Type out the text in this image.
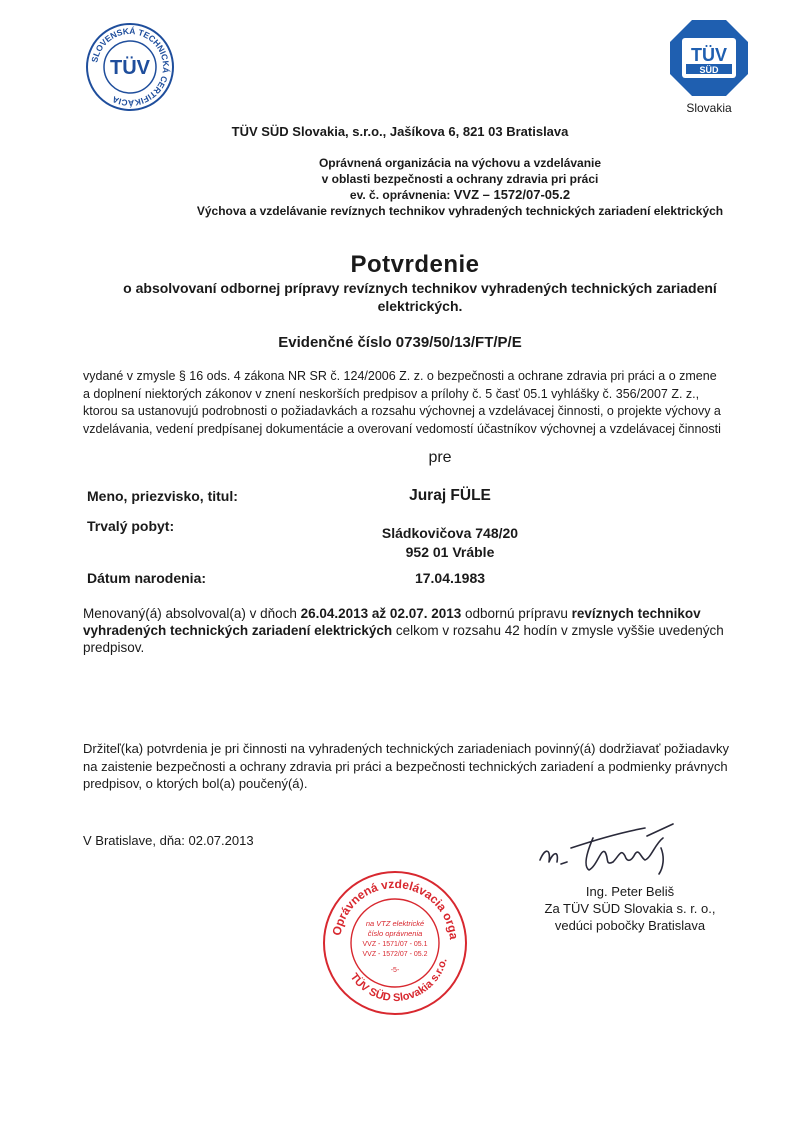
SLOVENSKÁ TECHNICKÁ CERTIFIKÁCIA
TÜV
TÜV
SÜD
Slovakia
TÜV SÜD Slovakia, s.r.o., Jašíkova 6, 821 03 Bratislava
Oprávnená organizácia na výchovu a vzdelávanie
v oblasti bezpečnosti a ochrany zdravia pri práci
ev. č. oprávnenia: VVZ – 1572/07-05.2
Výchova a vzdelávanie revíznych technikov vyhradených technických zariadení elektrických
Potvrdenie
o absolvovaní odbornej prípravy revíznych technikov vyhradených technických zariadení elektrických.
Evidenčné číslo 0739/50/13/FT/P/E
vydané v zmysle § 16 ods. 4 zákona NR SR č. 124/2006 Z. z. o bezpečnosti a ochrane zdravia pri práci a o zmene a doplnení niektorých zákonov v znení neskorších predpisov a prílohy č. 5 časť 05.1 vyhlášky č. 356/2007 Z. z., ktorou sa ustanovujú podrobnosti o požiadavkách a rozsahu výchovnej a vzdelávacej činnosti, o projekte výchovy a vzdelávania, vedení predpísanej dokumentácie a overovaní vedomostí účastníkov výchovnej a vzdelávacej činnosti
pre
Meno, priezvisko, titul:	Juraj FÜLE
Trvalý pobyt:	Sládkovičova 748/20
952 01 Vráble
Dátum narodenia:	17.04.1983
Menovaný(á) absolvoval(a) v dňoch 26.04.2013 až 02.07. 2013 odbornú prípravu revíznych technikov vyhradených technických zariadení elektrických celkom v rozsahu 42 hodín v zmysle vyššie uvedených predpisov.
Držiteľ(ka) potvrdenia je pri činnosti na vyhradených technických zariadeniach povinný(á) dodržiavať požiadavky na zaistenie bezpečnosti a ochrany zdravia pri práci a bezpečnosti technických zariadení a podmienky právnych predpisov, o ktorých bol(a) poučený(á).
V Bratislave, dňa: 02.07.2013
Ing. Peter Beliš
Za TÜV SÜD Slovakia s. r. o.,
vedúci pobočky Bratislava
Oprávnená vzdelávacia orga
TÜV SÜD Slovakia s.r.o.
na VTZ elektrické
číslo oprávnenia
VVZ - 1571/07 - 05.1
VVZ - 1572/07 - 05.2
-5-
